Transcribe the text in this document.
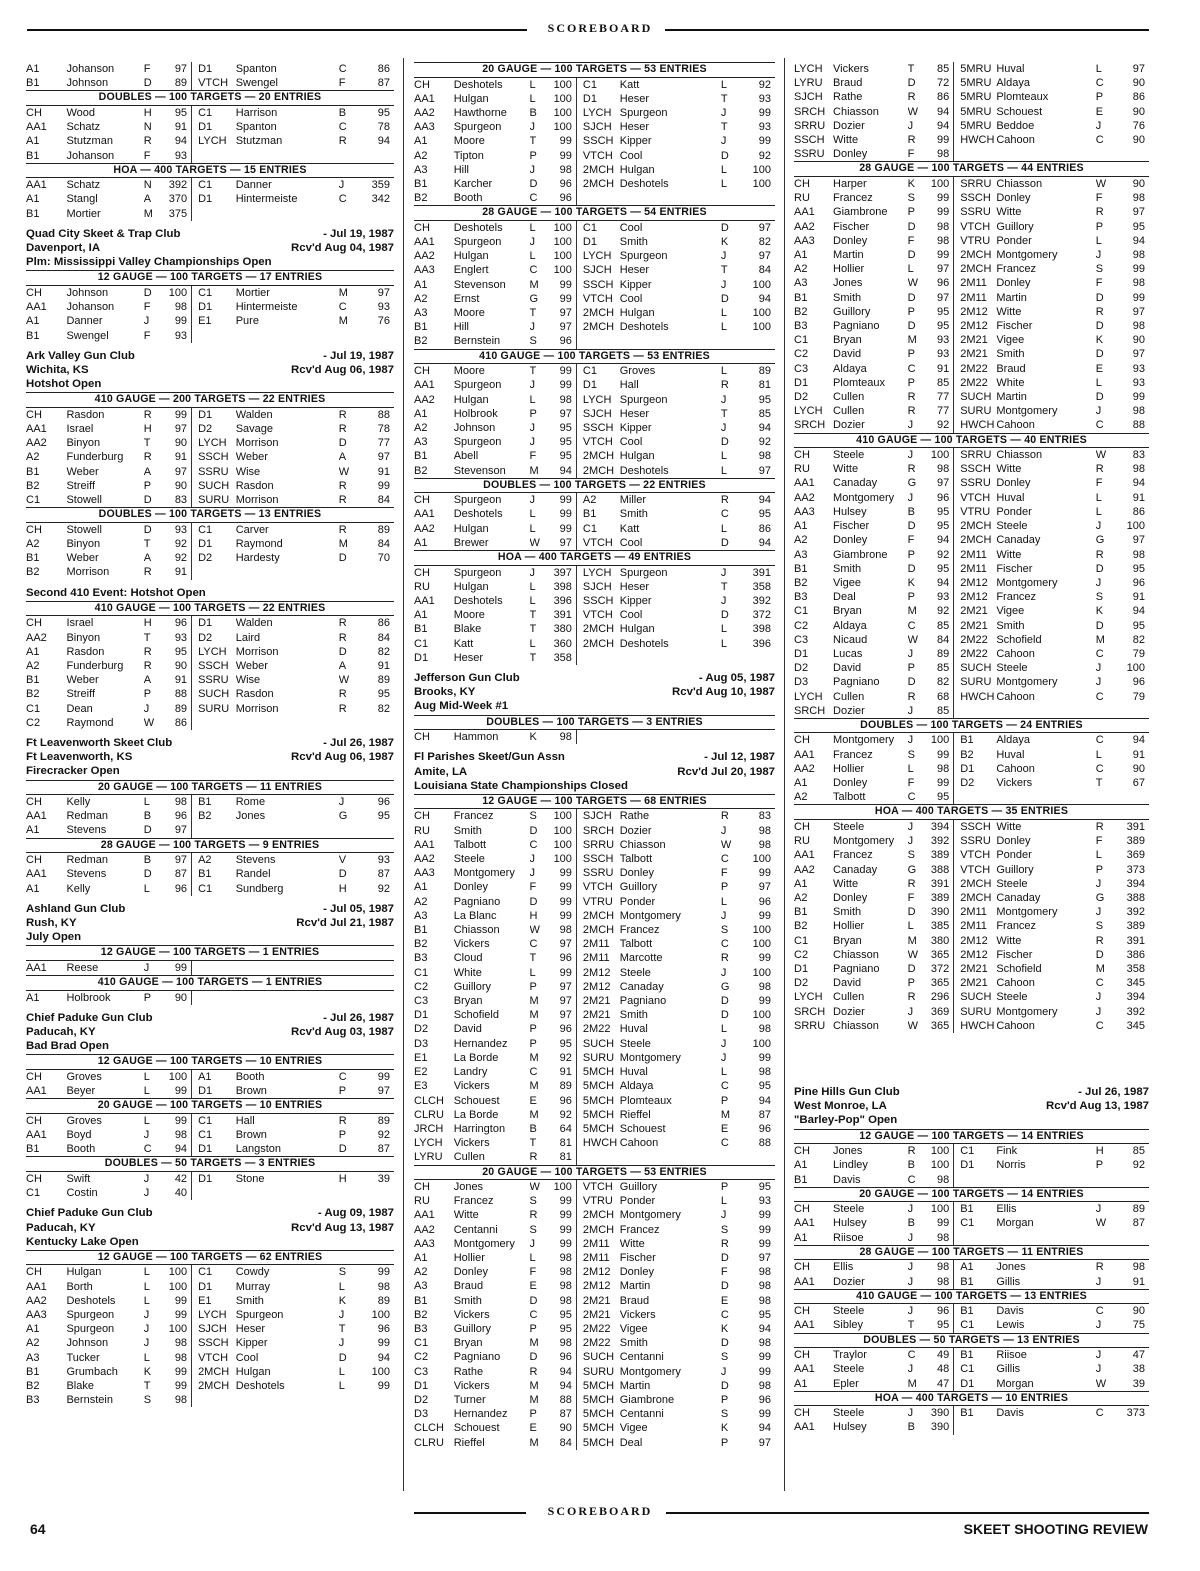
SCOREBOARD
A1	Johanson	F	97	D1	Spanton	C	86
B1	Johnson	D	89	VTCH	Swengel	F	87
DOUBLES — 100 TARGETS — 20 ENTRIES
CH	Wood	H	95	C1	Harrison	B	95
AA1	Schatz	N	91	D1	Spanton	C	78
A1	Stutzman	R	94	LYCH	Stutzman	R	94
B1	Johanson	F	93				
HOA — 400 TARGETS — 15 ENTRIES
AA1	Schatz	N	392	C1	Danner	J	359
A1	Stangl	A	370	D1	Hintermeiste	C	342
B1	Mortier	M	375				
Quad City Skeet & Trap Club	- Jul 19, 1987
Davenport, IA	Rcv'd Aug 04, 1987
Plm: Mississippi Valley Championships Open
12 GAUGE — 100 TARGETS — 17 ENTRIES
CH	Johnson	D	100	C1	Mortier	M	97
AA1	Johanson	F	98	D1	Hintermeiste	C	93
A1	Danner	J	99	E1	Pure	M	76
B1	Swengel	F	93				
Ark Valley Gun Club	- Jul 19, 1987
Wichita, KS	Rcv'd Aug 06, 1987
Hotshot Open
410 GAUGE — 200 TARGETS — 22 ENTRIES
CH	Rasdon	R	99	D1	Walden	R	88
AA1	Israel	H	97	D2	Savage	R	78
AA2	Binyon	T	90	LYCH	Morrison	D	77
A2	Funderburg	R	91	SSCH	Weber	A	97
B1	Weber	A	97	SSRU	Wise	W	91
B2	Streiff	P	90	SUCH	Rasdon	R	99
C1	Stowell	D	83	SURU	Morrison	R	84
DOUBLES — 100 TARGETS — 13 ENTRIES
CH	Stowell	D	93	C1	Carver	R	89
A2	Binyon	T	92	D1	Raymond	M	84
B1	Weber	A	92	D2	Hardesty	D	70
B2	Morrison	R	91				
Second 410 Event: Hotshot Open
410 GAUGE — 100 TARGETS — 22 ENTRIES
CH	Israel	H	96	D1	Walden	R	86
AA2	Binyon	T	93	D2	Laird	R	84
A1	Rasdon	R	95	LYCH	Morrison	D	82
A2	Funderburg	R	90	SSCH	Weber	A	91
B1	Weber	A	91	SSRU	Wise	W	89
B2	Streiff	P	88	SUCH	Rasdon	R	95
C1	Dean	J	89	SURU	Morrison	R	82
C2	Raymond	W	86				
Ft Leavenworth Skeet Club	- Jul 26, 1987
Ft Leavenworth, KS	Rcv'd Aug 06, 1987
Firecracker Open
20 GAUGE — 100 TARGETS — 11 ENTRIES
CH	Kelly	L	98	B1	Rome	J	96
AA1	Redman	B	96	B2	Jones	G	95
A1	Stevens	D	97				
28 GAUGE — 100 TARGETS — 9 ENTRIES
CH	Redman	B	97	A2	Stevens	V	93
AA1	Stevens	D	87	B1	Randel	D	87
A1	Kelly	L	96	C1	Sundberg	H	92
Ashland Gun Club	- Jul 05, 1987
Rush, KY	Rcv'd Jul 21, 1987
July Open
12 GAUGE — 100 TARGETS — 1 ENTRIES
AA1	Reese	J	99				
410 GAUGE — 100 TARGETS — 1 ENTRIES
A1	Holbrook	P	90				
Chief Paduke Gun Club	- Jul 26, 1987
Paducah, KY	Rcv'd Aug 03, 1987
Bad Brad Open
12 GAUGE — 100 TARGETS — 10 ENTRIES
CH	Groves	L	100	A1	Booth	C	99
AA1	Beyer	L	99	D1	Brown	P	97
20 GAUGE — 100 TARGETS — 10 ENTRIES
CH	Groves	L	99	C1	Hall	R	89
AA1	Boyd	J	98	C1	Brown	P	92
B1	Booth	C	94	D1	Langston	D	87
DOUBLES — 50 TARGETS — 3 ENTRIES
CH	Swift	J	42	D1	Stone	H	39
C1	Costin	J	40				
Chief Paduke Gun Club	- Aug 09, 1987
Paducah, KY	Rcv'd Aug 13, 1987
Kentucky Lake Open
12 GAUGE — 100 TARGETS — 62 ENTRIES
CH	Hulgan	L	100	C1	Cowdy	S	99
AA1	Borth	L	100	D1	Murray	L	98
AA2	Deshotels	L	99	E1	Smith	K	89
AA3	Spurgeon	J	99	LYCH	Spurgeon	J	100
A1	Spurgeon	J	100	SJCH	Heser	T	96
A2	Johnson	J	98	SSCH	Kipper	J	99
A3	Tucker	L	98	VTCH	Cool	D	94
B1	Grumbach	K	99	2MCH	Hulgan	L	100
B2	Blake	T	99	2MCH	Deshotels	L	99
B3	Bernstein	S	98				
20 GAUGE — 100 TARGETS — 53 ENTRIES
CH	Deshotels	L	100	C1	Katt	L	92
AA1	Hulgan	L	100	D1	Heser	T	93
AA2	Hawthorne	B	100	LYCH	Spurgeon	J	99
AA3	Spurgeon	J	100	SJCH	Heser	T	93
A1	Moore	T	99	SSCH	Kipper	J	99
A2	Tipton	P	99	VTCH	Cool	D	92
A3	Hill	J	98	2MCH	Hulgan	L	100
B1	Karcher	D	96	2MCH	Deshotels	L	100
B2	Booth	C	96				
28 GAUGE — 100 TARGETS — 54 ENTRIES
CH	Deshotels	L	100	C1	Cool	D	97
AA1	Spurgeon	J	100	D1	Smith	K	82
AA2	Hulgan	L	100	LYCH	Spurgeon	J	97
AA3	Englert	C	100	SJCH	Heser	T	84
A1	Stevenson	M	99	SSCH	Kipper	J	100
A2	Ernst	G	99	VTCH	Cool	D	94
A3	Moore	T	97	2MCH	Hulgan	L	100
B1	Hill	J	97	2MCH	Deshotels	L	100
B2	Bernstein	S	96				
410 GAUGE — 100 TARGETS — 53 ENTRIES
CH	Moore	T	99	C1	Groves	L	89
AA1	Spurgeon	J	99	D1	Hall	R	81
AA2	Hulgan	L	98	LYCH	Spurgeon	J	95
A1	Holbrook	P	97	SJCH	Heser	T	85
A2	Johnson	J	95	SSCH	Kipper	J	94
A3	Spurgeon	J	95	VTCH	Cool	D	92
B1	Abell	F	95	2MCH	Hulgan	L	98
B2	Stevenson	M	94	2MCH	Deshotels	L	97
DOUBLES — 100 TARGETS — 22 ENTRIES
CH	Spurgeon	J	99	A2	Miller	R	94
AA1	Deshotels	L	99	B1	Smith	C	95
AA2	Hulgan	L	99	C1	Katt	L	86
A1	Brewer	W	97	VTCH	Cool	D	94
HOA — 400 TARGETS — 49 ENTRIES
CH	Spurgeon	J	397	LYCH	Spurgeon	J	391
RU	Hulgan	L	398	SJCH	Heser	T	358
AA1	Deshotels	L	396	SSCH	Kipper	J	392
A1	Moore	T	391	VTCH	Cool	D	372
B1	Blake	T	380	2MCH	Hulgan	L	398
C1	Katt	L	360	2MCH	Deshotels	L	396
D1	Heser	T	358				
Jefferson Gun Club	- Aug 05, 1987
Brooks, KY	Rcv'd Aug 10, 1987
Aug Mid-Week #1
DOUBLES — 100 TARGETS — 3 ENTRIES
CH	Hammon	K	98				
Fl Parishes Skeet/Gun Assn	- Jul 12, 1987
Amite, LA	Rcv'd Jul 20, 1987
Louisiana State Championships Closed
12 GAUGE — 100 TARGETS — 68 ENTRIES
CH	Francez	S	100	SJCH	Rathe	R	83
RU	Smith	D	100	SRCH	Dozier	J	98
AA1	Talbott	C	100	SRRU	Chiasson	W	98
AA2	Steele	J	100	SSCH	Talbott	C	100
AA3	Montgomery	J	99	SSRU	Donley	F	99
A1	Donley	F	99	VTCH	Guillory	P	97
A2	Pagniano	D	99	VTRU	Ponder	L	96
A3	La Blanc	H	99	2MCH	Montgomery	J	99
B1	Chiasson	W	98	2MCH	Francez	S	100
B2	Vickers	C	97	2M11	Talbott	C	100
B3	Cloud	T	96	2M11	Marcotte	R	99
C1	White	L	99	2M12	Steele	J	100
C2	Guillory	P	97	2M12	Canaday	G	98
C3	Bryan	M	97	2M21	Pagniano	D	99
D1	Schofield	M	97	2M21	Smith	D	100
D2	David	P	96	2M22	Huval	L	98
D3	Hernandez	P	95	SUCH	Steele	J	100
E1	La Borde	M	92	SURU	Montgomery	J	99
E2	Landry	C	91	5MCH	Huval	L	98
E3	Vickers	M	89	5MCH	Aldaya	C	95
CLCH	Schouest	E	96	5MCH	Plomteaux	P	94
CLRU	La Borde	M	92	5MCH	Rieffel	M	87
JRCH	Harrington	B	64	5MCH	Schouest	E	96
LYCH	Vickers	T	81	HWCH	Cahoon	C	88
LYRU	Cullen	R	81				
20 GAUGE — 100 TARGETS — 53 ENTRIES
CH	Jones	W	100	VTCH	Guillory	P	95
RU	Francez	S	99	VTRU	Ponder	L	93
AA1	Witte	R	99	2MCH	Montgomery	J	99
AA2	Centanni	S	99	2MCH	Francez	S	99
AA3	Montgomery	J	99	2M11	Witte	R	99
A1	Hollier	L	98	2M11	Fischer	D	97
A2	Donley	F	98	2M12	Donley	F	98
A3	Braud	E	98	2M12	Martin	D	98
B1	Smith	D	98	2M21	Braud	E	98
B2	Vickers	C	95	2M21	Vickers	C	95
B3	Guillory	P	95	2M22	Vigee	K	94
C1	Bryan	M	98	2M22	Smith	D	98
C2	Pagniano	D	96	SUCH	Centanni	S	99
C3	Rathe	R	94	SURU	Montgomery	J	99
D1	Vickers	M	94	5MCH	Martin	D	98
D2	Turner	M	88	5MCH	Giambrone	P	96
D3	Hernandez	P	87	5MCH	Centanni	S	99
CLCH	Schouest	E	90	5MCH	Vigee	K	94
CLRU	Rieffel	M	84	5MCH	Deal	P	97
LYCH	Vickers	T	85	5MRU	Huval	L	97
LYRU	Braud	D	72	5MRU	Aldaya	C	90
SJCH	Rathe	R	86	5MRU	Plomteaux	P	86
SRCH	Chiasson	W	94	5MRU	Schouest	E	90
SRRU	Dozier	J	94	5MRU	Beddoe	J	76
SSCH	Witte	R	99	HWCH	Cahoon	C	90
SSRU	Donley	F	98				
28 GAUGE — 100 TARGETS — 44 ENTRIES
CH	Harper	K	100	SRRU	Chiasson	W	90
RU	Francez	S	99	SSCH	Donley	F	98
AA1	Giambrone	P	99	SSRU	Witte	R	97
AA2	Fischer	D	98	VTCH	Guillory	P	95
AA3	Donley	F	98	VTRU	Ponder	L	94
A1	Martin	D	99	2MCH	Montgomery	J	98
A2	Hollier	L	97	2MCH	Francez	S	99
A3	Jones	W	96	2M11	Donley	F	98
B1	Smith	D	97	2M11	Martin	D	99
B2	Guillory	P	95	2M12	Witte	R	97
B3	Pagniano	D	95	2M12	Fischer	D	98
C1	Bryan	M	93	2M21	Vigee	K	90
C2	David	P	93	2M21	Smith	D	97
C3	Aldaya	C	91	2M22	Braud	E	93
D1	Plomteaux	P	85	2M22	White	L	93
D2	Cullen	R	77	SUCH	Martin	D	99
LYCH	Cullen	R	77	SURU	Montgomery	J	98
SRCH	Dozier	J	92	HWCH	Cahoon	C	88
410 GAUGE — 100 TARGETS — 40 ENTRIES
CH	Steele	J	100	SRRU	Chiasson	W	83
RU	Witte	R	98	SSCH	Witte	R	98
AA1	Canaday	G	97	SSRU	Donley	F	94
AA2	Montgomery	J	96	VTCH	Huval	L	91
AA3	Hulsey	B	95	VTRU	Ponder	L	86
A1	Fischer	D	95	2MCH	Steele	J	100
A2	Donley	F	94	2MCH	Canaday	G	97
A3	Giambrone	P	92	2M11	Witte	R	98
B1	Smith	D	95	2M11	Fischer	D	95
B2	Vigee	K	94	2M12	Montgomery	J	96
B3	Deal	P	93	2M12	Francez	S	91
C1	Bryan	M	92	2M21	Vigee	K	94
C2	Aldaya	C	85	2M21	Smith	D	95
C3	Nicaud	W	84	2M22	Schofield	M	82
D1	Lucas	J	89	2M22	Cahoon	C	79
D2	David	P	85	SUCH	Steele	J	100
D3	Pagniano	D	82	SURU	Montgomery	J	96
LYCH	Cullen	R	68	HWCH	Cahoon	C	79
SRCH	Dozier	J	85				
DOUBLES — 100 TARGETS — 24 ENTRIES
CH	Montgomery	J	100	B1	Aldaya	C	94
AA1	Francez	S	99	B2	Huval	L	91
AA2	Hollier	L	98	D1	Cahoon	C	90
A1	Donley	F	99	D2	Vickers	T	67
A2	Talbott	C	95				
HOA — 400 TARGETS — 35 ENTRIES
CH	Steele	J	394	SSCH	Witte	R	391
RU	Montgomery	J	392	SSRU	Donley	F	389
AA1	Francez	S	389	VTCH	Ponder	L	369
AA2	Canaday	G	388	VTCH	Guillory	P	373
A1	Witte	R	391	2MCH	Steele	J	394
A2	Donley	F	389	2MCH	Canaday	G	388
B1	Smith	D	390	2M11	Montgomery	J	392
B2	Hollier	L	385	2M11	Francez	S	389
C1	Bryan	M	380	2M12	Witte	R	391
C2	Chiasson	W	365	2M12	Fischer	D	386
D1	Pagniano	D	372	2M21	Schofield	M	358
D2	David	P	365	2M21	Cahoon	C	345
LYCH	Cullen	R	296	SUCH	Steele	J	394
SRCH	Dozier	J	369	SURU	Montgomery	J	392
SRRU	Chiasson	W	365	HWCH	Cahoon	C	345
Pine Hills Gun Club	- Jul 26, 1987
West Monroe, LA	Rcv'd Aug 13, 1987
"Barley-Pop" Open
12 GAUGE — 100 TARGETS — 14 ENTRIES
CH	Jones	R	100	C1	Fink	H	85
A1	Lindley	B	100	D1	Norris	P	92
B1	Davis	C	98				
20 GAUGE — 100 TARGETS — 14 ENTRIES
CH	Steele	J	100	B1	Ellis	J	89
AA1	Hulsey	B	99	C1	Morgan	W	87
A1	Riisoe	J	98				
28 GAUGE — 100 TARGETS — 11 ENTRIES
CH	Ellis	J	98	A1	Jones	R	98
AA1	Dozier	J	98	B1	Gillis	J	91
410 GAUGE — 100 TARGETS — 13 ENTRIES
CH	Steele	J	96	B1	Davis	C	90
AA1	Sibley	T	95	C1	Lewis	J	75
DOUBLES — 50 TARGETS — 13 ENTRIES
CH	Traylor	C	49	B1	Riisoe	J	47
AA1	Steele	J	48	C1	Gillis	J	38
A1	Epler	M	47	D1	Morgan	W	39
HOA — 400 TARGETS — 10 ENTRIES
CH	Steele	J	390	B1	Davis	C	373
AA1	Hulsey	B	390				
SCOREBOARD
64	SKEET SHOOTING REVIEW
